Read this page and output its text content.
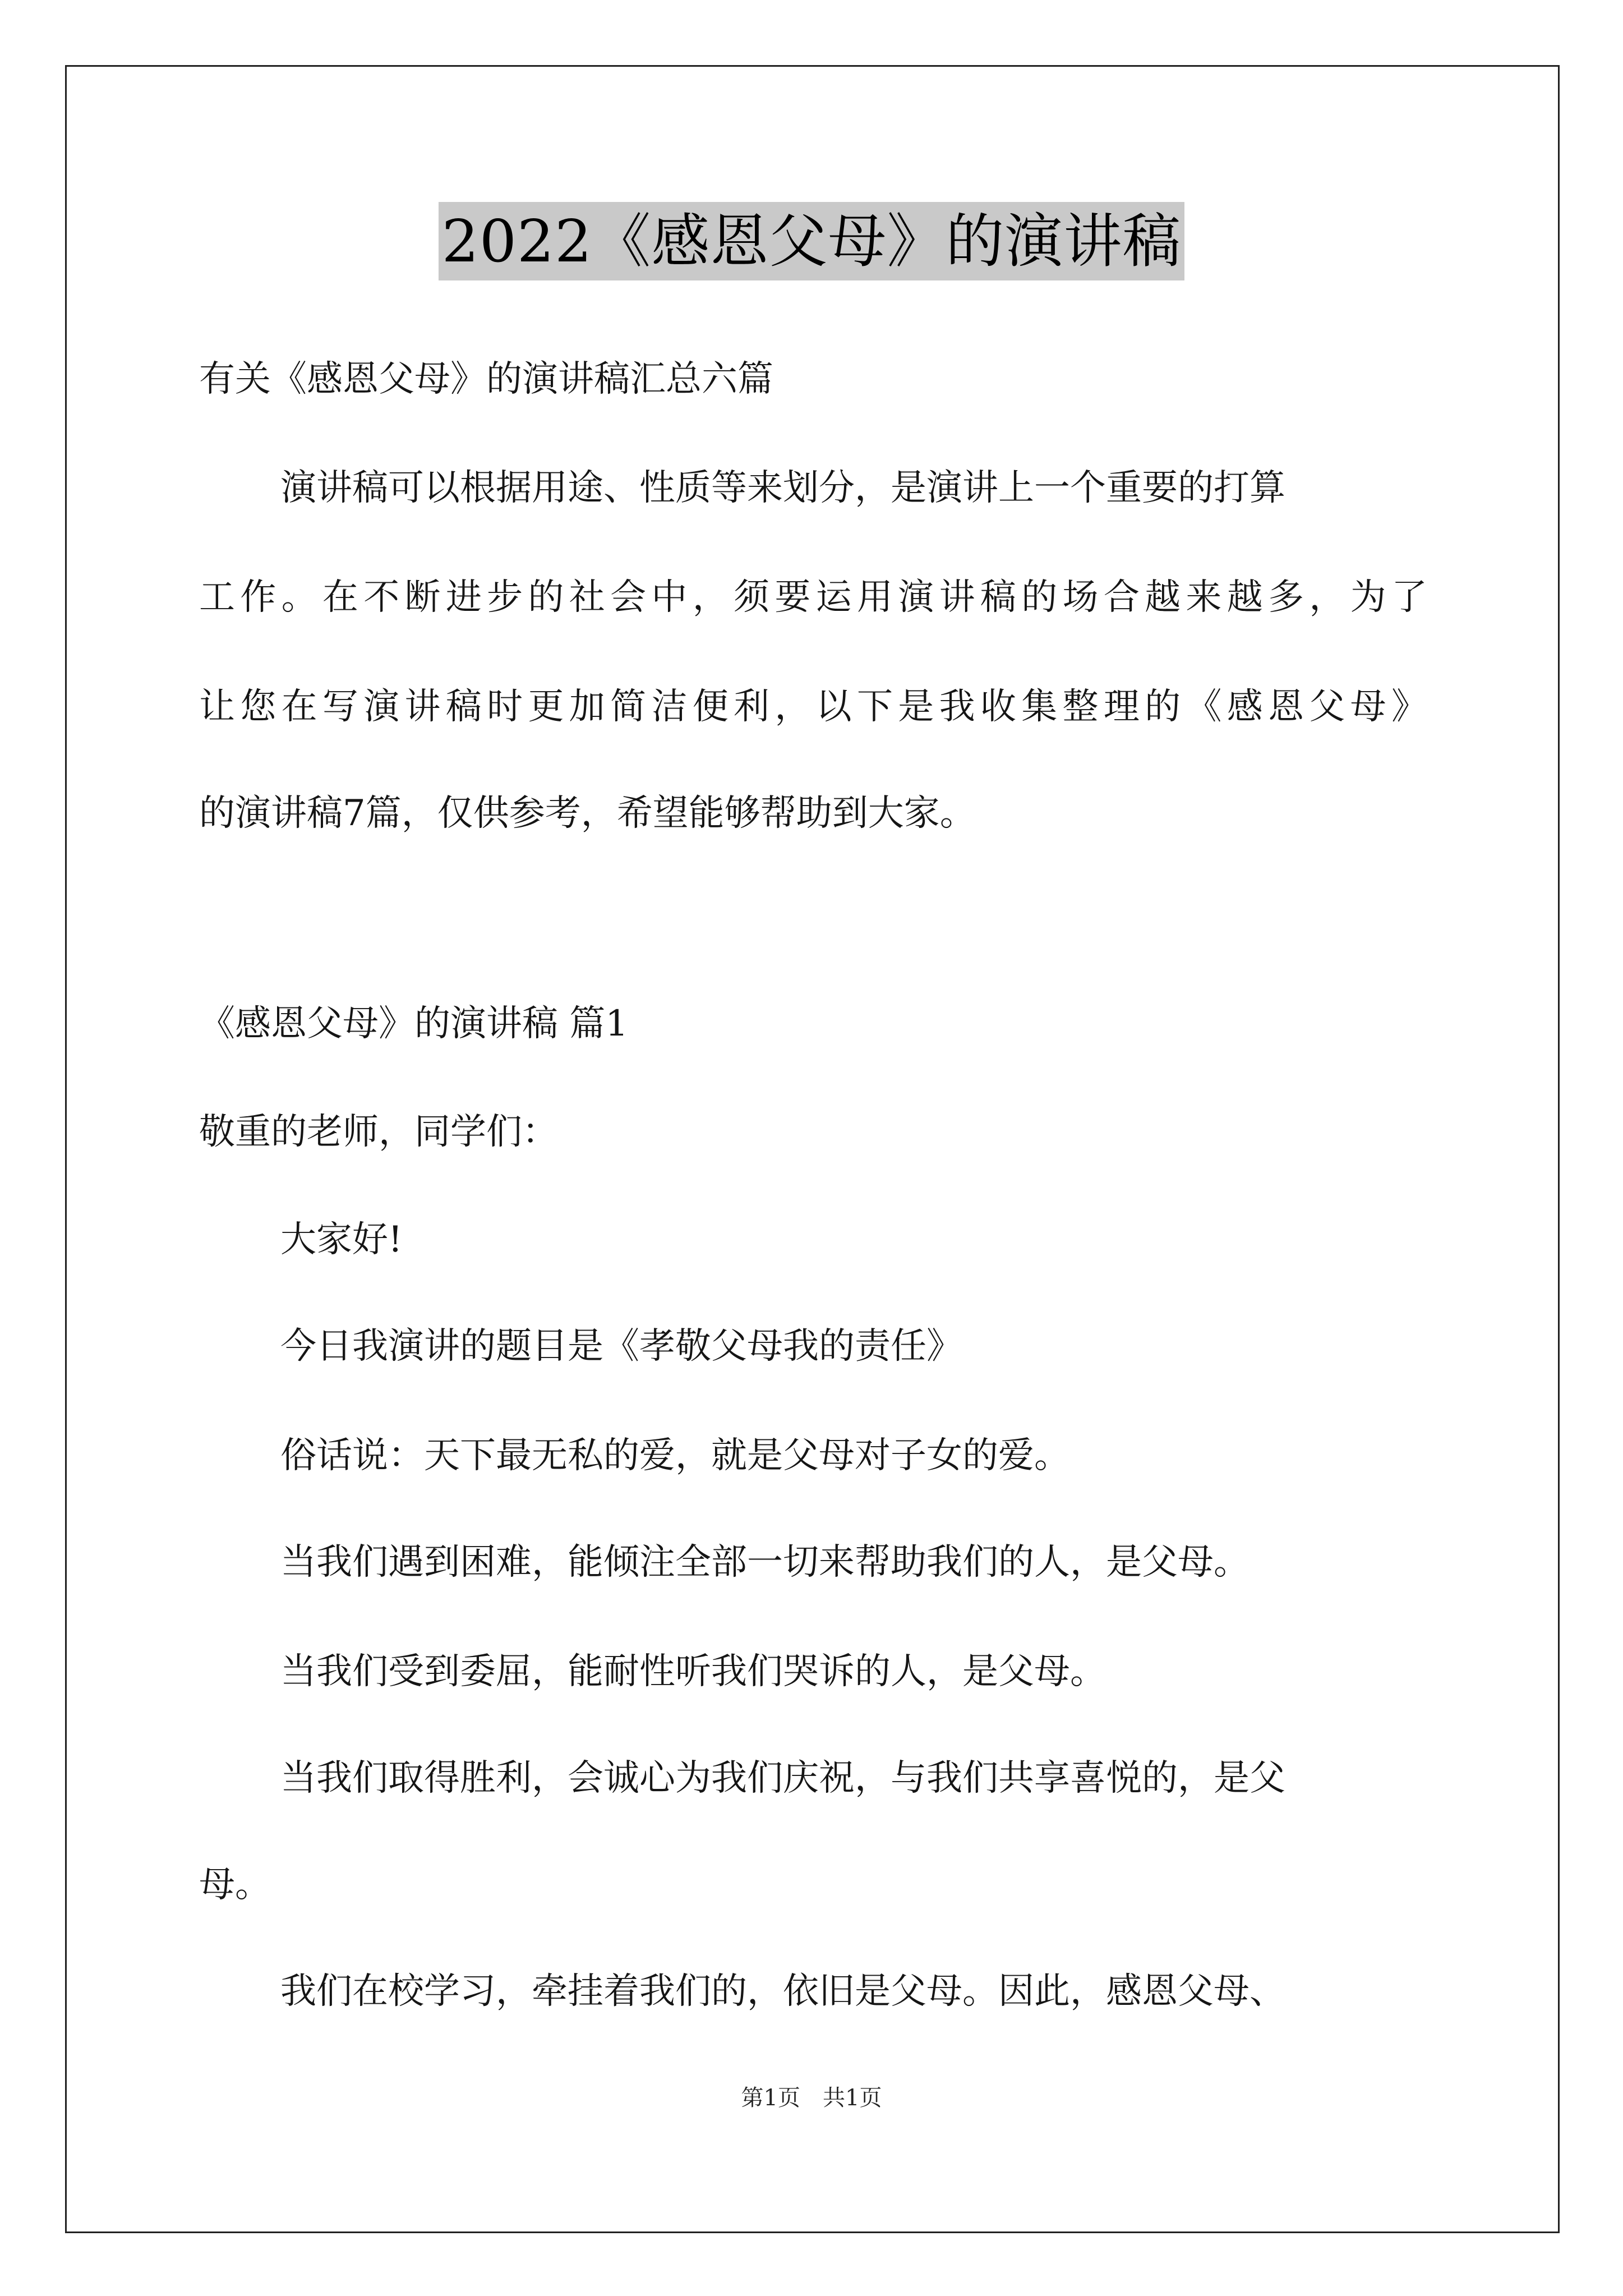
2022《感恩父母》的演讲稿
有关《感恩父母》的演讲稿汇总六篇
演讲稿可以根据用途、性质等来划分，是演讲上一个重要的打算
工作。在不断进步的社会中，须要运用演讲稿的场合越来越多，为了
让您在写演讲稿时更加简洁便利，以下是我收集整理的《感恩父母》
的演讲稿7篇，仅供参考，希望能够帮助到大家。
《感恩父母》的演讲稿 篇1
敬重的老师，同学们：
大家好!
今日我演讲的题目是《孝敬父母我的责任》
俗话说：天下最无私的爱，就是父母对子女的爱。
当我们遇到困难，能倾注全部一切来帮助我们的人，是父母。
当我们受到委屈，能耐性听我们哭诉的人，是父母。
当我们取得胜利，会诚心为我们庆祝，与我们共享喜悦的，是父
母。
我们在校学习，牵挂着我们的，依旧是父母。因此，感恩父母、
第1页　共1页
